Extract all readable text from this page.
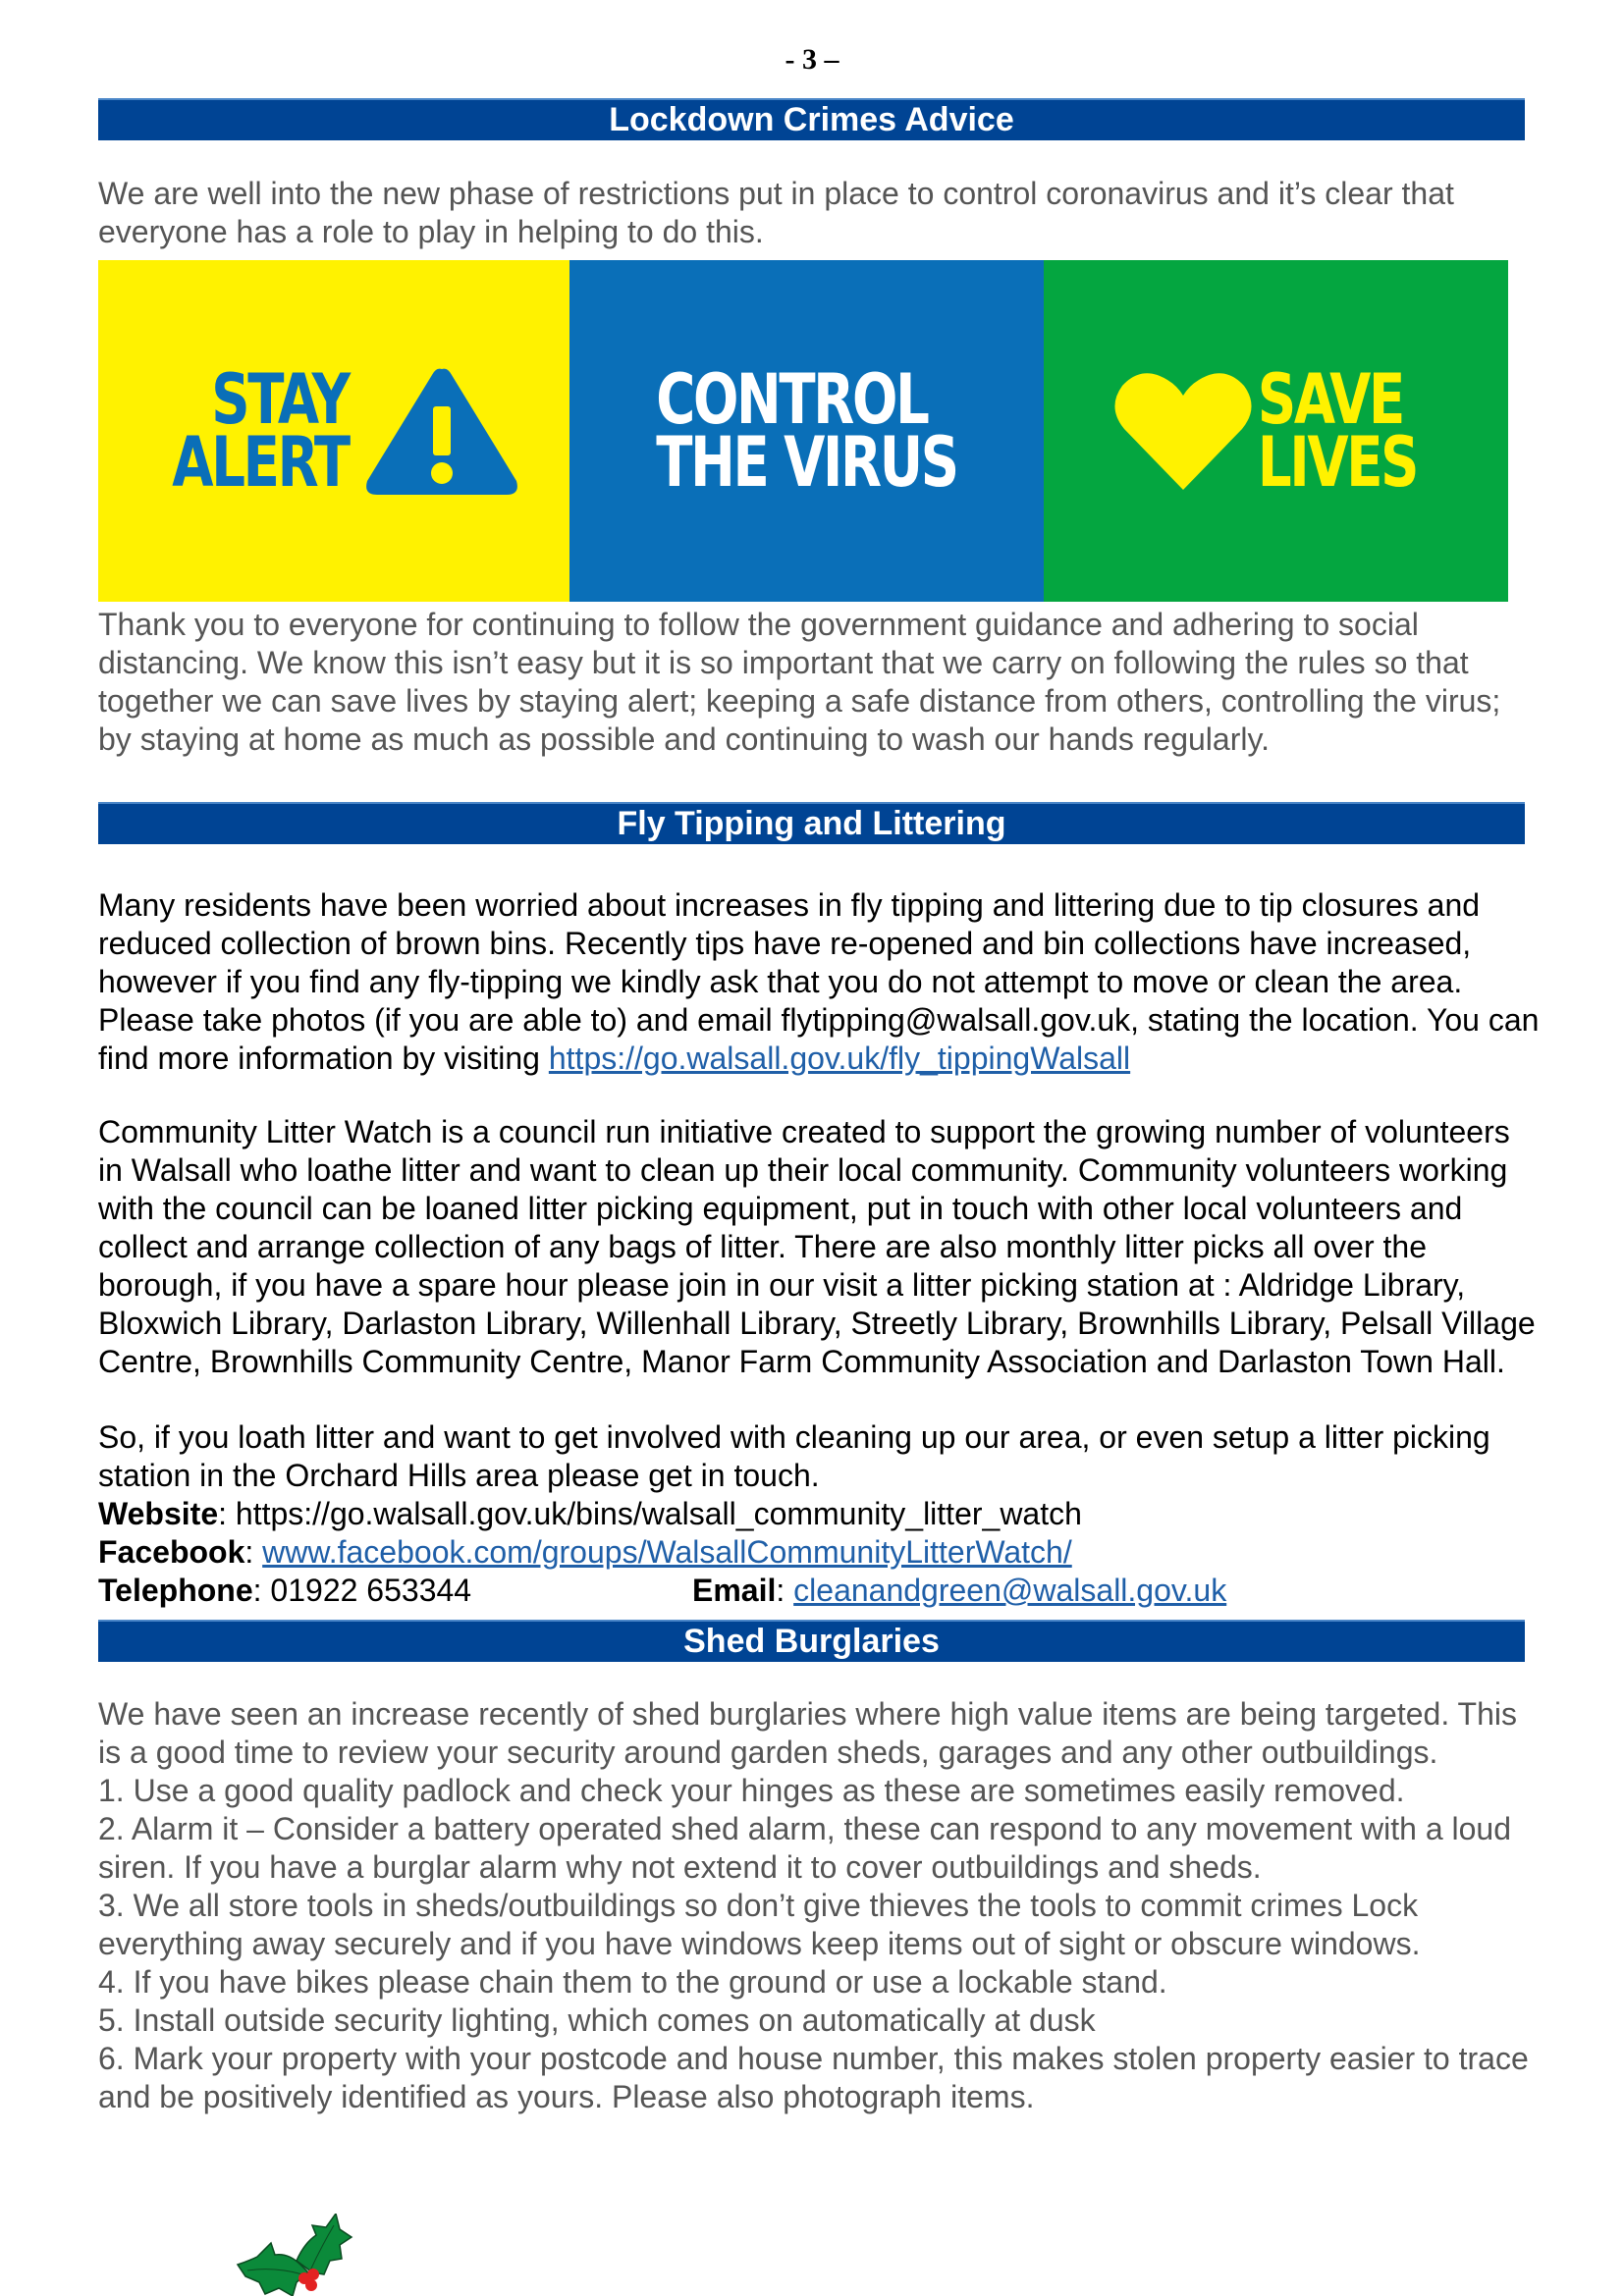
- 3 –
Lockdown Crimes Advice

We are well into the new phase of restrictions put in place to control coronavirus and it’s clear that everyone has a role to play in helping to do this.

STAY
ALERT
CONTROL
THE VIRUS
SAVE
LIVES

Thank you to everyone for continuing to follow the government guidance and adhering to social distancing. We know this isn’t easy but it is so important that we carry on following the rules so that together we can save lives by staying alert; keeping a safe distance from others, controlling the virus; by staying at home as much as possible and continuing to wash our hands regularly.

Fly Tipping and Littering

Many residents have been worried about increases in fly tipping and littering due to tip closures and reduced collection of brown bins. Recently tips have re-opened and bin collections have increased, however if you find any fly-tipping we kindly ask that you do not attempt to move or clean the area. Please take photos (if you are able to) and email flytipping@walsall.gov.uk, stating the location. You can find more information by visiting https://go.walsall.gov.uk/fly_tippingWalsall

Community Litter Watch is a council run initiative created to support the growing number of volunteers in Walsall who loathe litter and want to clean up their local community. Community volunteers working with the council can be loaned litter picking equipment, put in touch with other local volunteers and collect and arrange collection of any bags of litter. There are also monthly litter picks all over the borough, if you have a spare hour please join in our visit a litter picking station at : Aldridge Library, Bloxwich Library, Darlaston Library, Willenhall Library, Streetly Library, Brownhills Library, Pelsall Village Centre, Brownhills Community Centre, Manor Farm Community Association and Darlaston Town Hall.

So, if you loath litter and want to get involved with cleaning up our area, or even setup a litter picking station in the Orchard Hills area please get in touch.

Website: https://go.walsall.gov.uk/bins/walsall_community_litter_watch
Facebook: www.facebook.com/groups/WalsallCommunityLitterWatch/
Telephone: 01922 653344	Email: cleanandgreen@walsall.gov.uk
Shed Burglaries
We have seen an increase recently of shed burglaries where high value items are being targeted. This is a good time to review your security around garden sheds, garages and any other outbuildings.
1. Use a good quality padlock and check your hinges as these are sometimes easily removed.
2. Alarm it – Consider a battery operated shed alarm, these can respond to any movement with a loud siren. If you have a burglar alarm why not extend it to cover outbuildings and sheds.
3. We all store tools in sheds/outbuildings so don’t give thieves the tools to commit crimes Lock everything away securely and if you have windows keep items out of sight or obscure windows.
4. If you have bikes please chain them to the ground or use a lockable stand.
5. Install outside security lighting, which comes on automatically at dusk
6. Mark your property with your postcode and house number, this makes stolen property easier to trace and be positively identified as yours. Please also photograph items.
